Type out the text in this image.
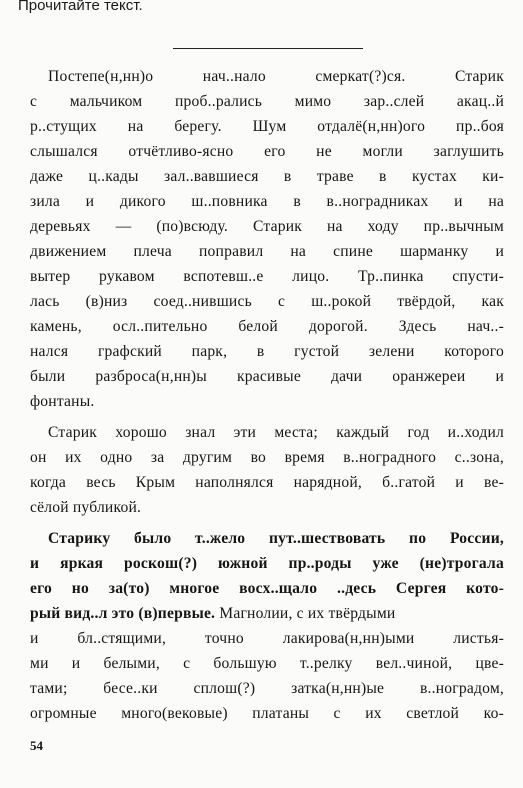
Прочитайте текст.
Постепе(н,нн)о нач..нало смеркат(?)ся. Старик
с мальчиком проб..рались мимо зар..слей акац..й
р..стущих на берегу. Шум отдалё(н,нн)ого пр..боя
слышался отчётливо-ясно его не могли заглушить
даже ц..кады зал..вавшиеся в траве в кустах ки-
зила и дикого ш..повника в в..ноградниках и на
деревьях — (по)всюду. Старик на ходу пр..вычным
движением плеча поправил на спине шарманку и
вытер рукавом вспотевш..е лицо. Тр..пинка спусти-
лась (в)низ соед..нившись с ш..рокой твёрдой, как
камень, осл..пительно белой дорогой. Здесь нач..-
нался графский парк, в густой зелени которого
были разброса(н,нн)ы красивые дачи оранжереи и
фонтаны.
Старик хорошо знал эти места; каждый год и..ходил
он их одно за другим во время в..ноградного с..зона,
когда весь Крым наполнялся нарядной, б..гатой и ве-
сёлой публикой.
Старику было т..жело пут..шествовать по России,
и яркая роскош(?) южной пр..роды уже (не)трогала
его но за(то) многое восх..щало ..десь Сергея кото-
рый вид..л это (в)первые. Магнолии, с их твёрдыми
и бл..стящими, точно лакирова(н,нн)ыми листья-
ми и белыми, с большую т..релку вел..чиной, цве-
тами; бесе..ки сплош(?) затка(н,нн)ые в..ноградом,
огромные много(вековые) платаны с их светлой ко-
54
